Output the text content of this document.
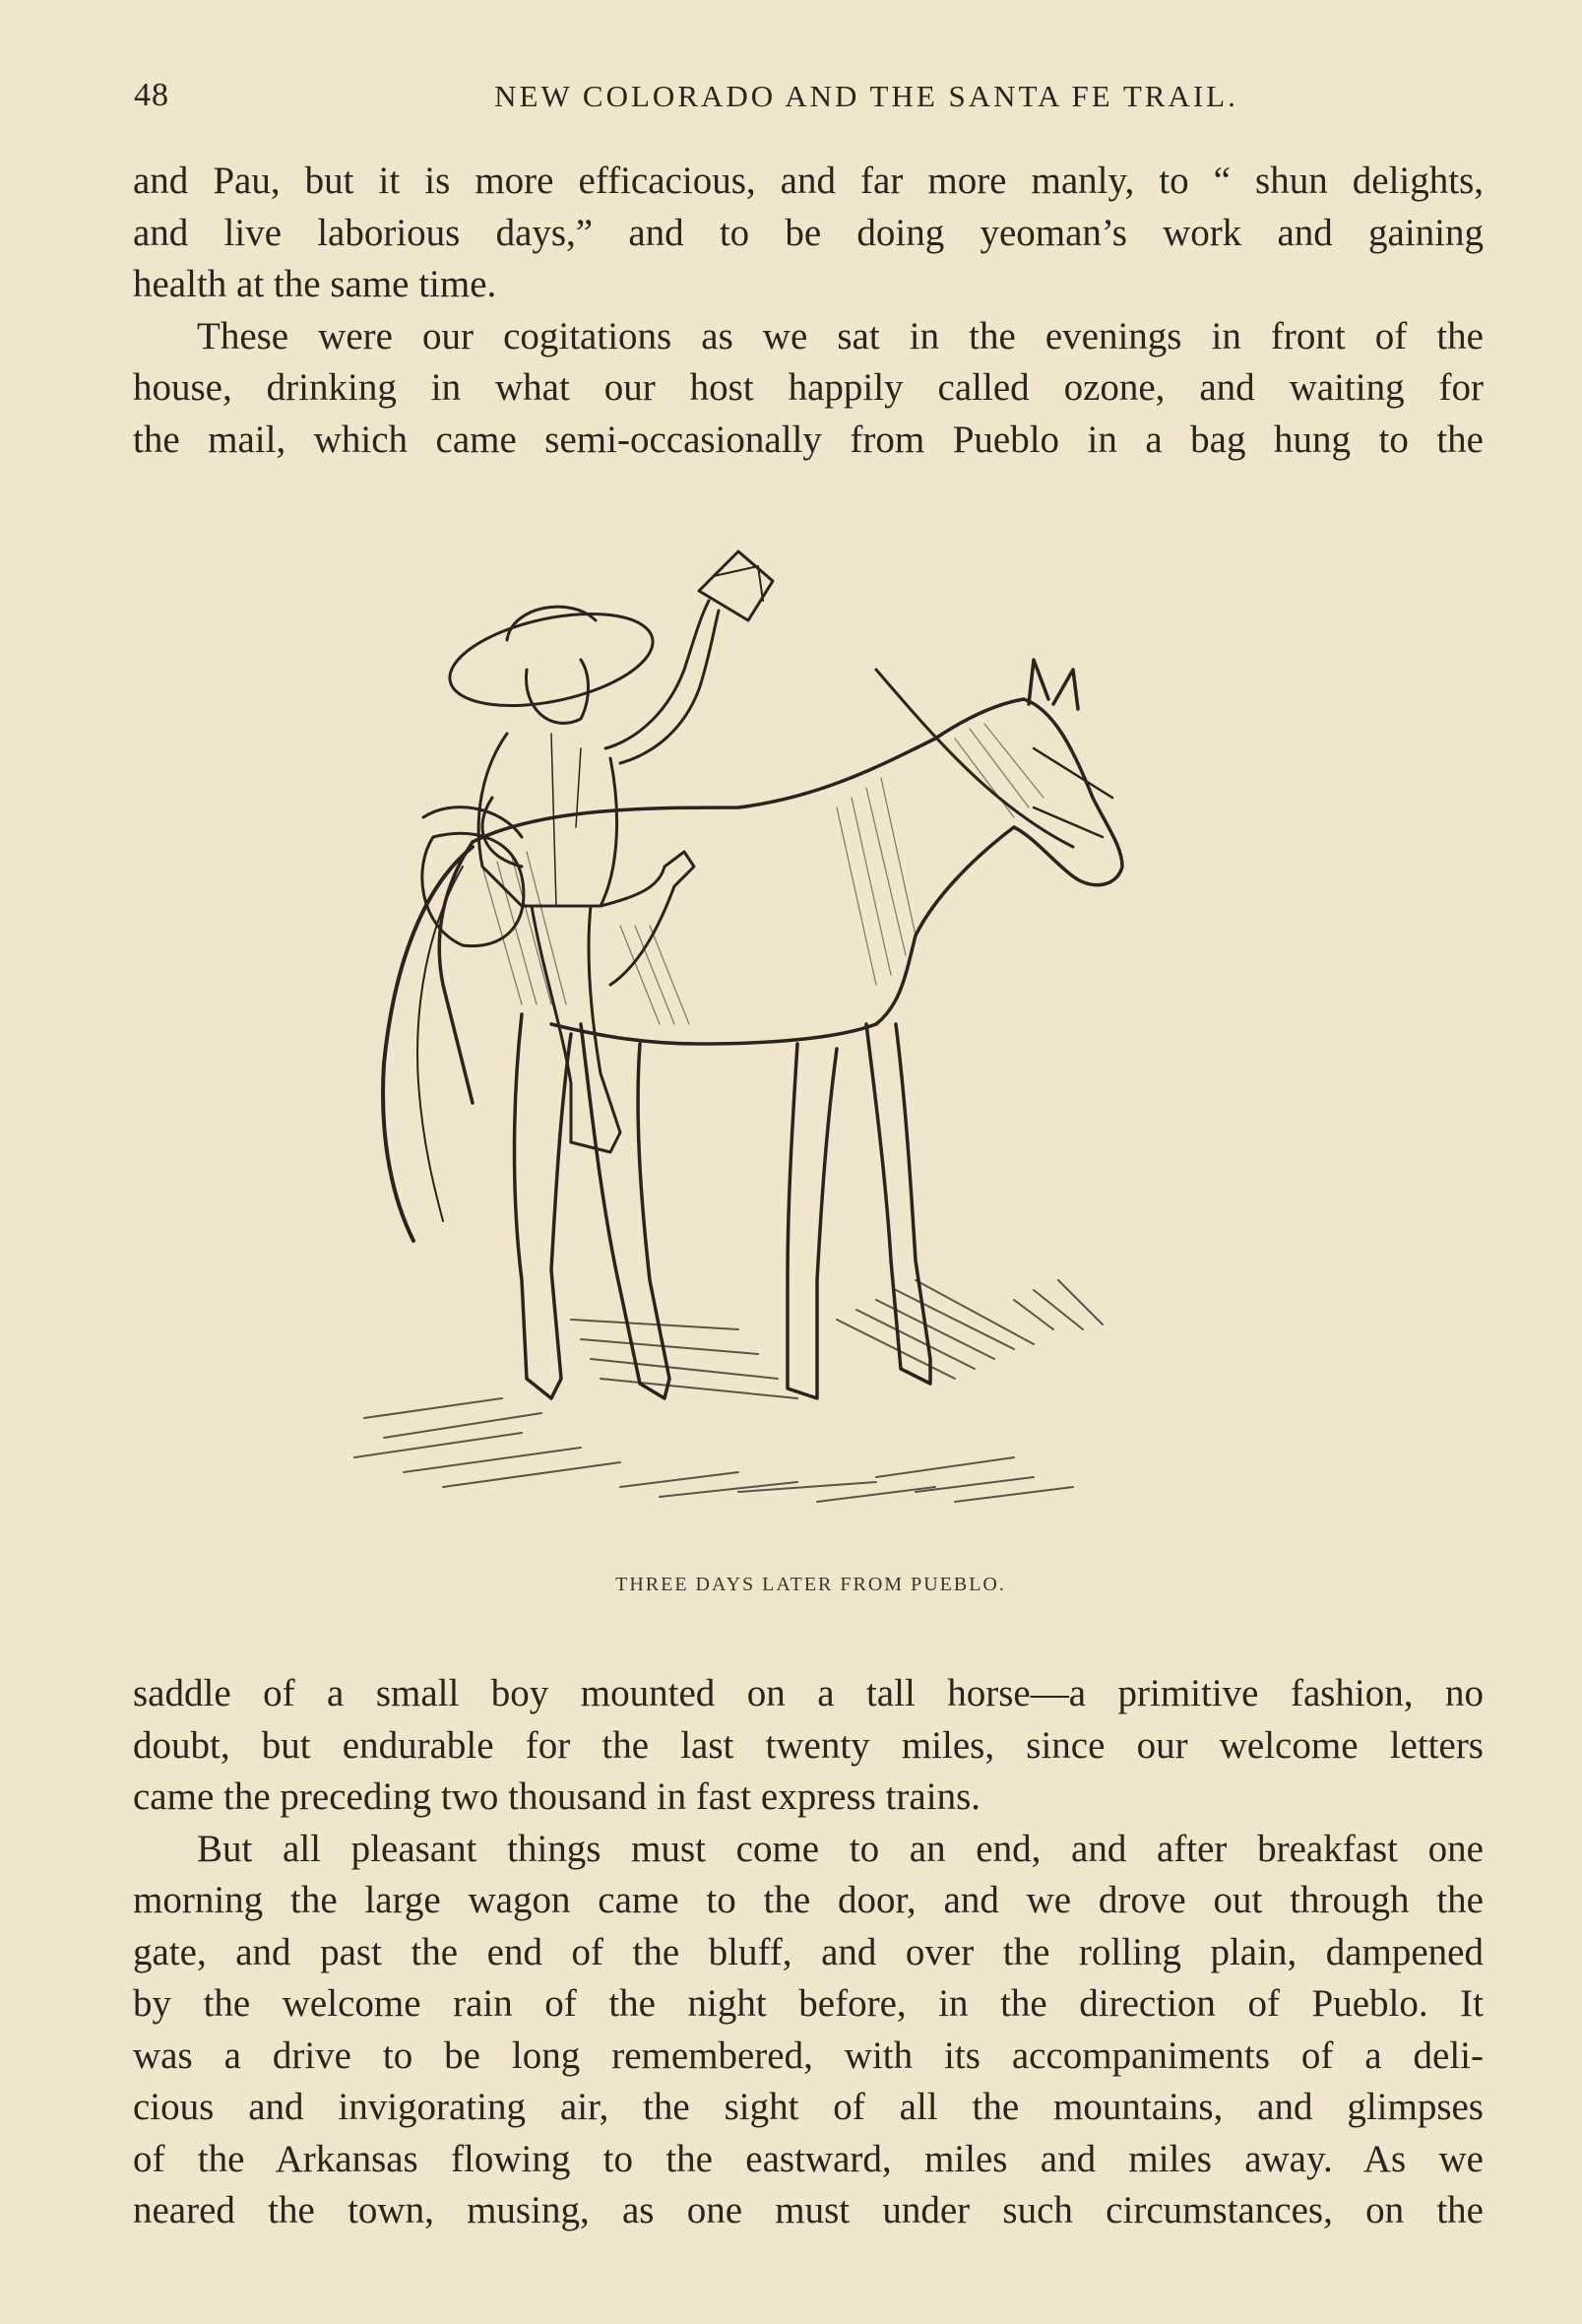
48	NEW COLORADO AND THE SANTA FE TRAIL.
and Pau, but it is more efficacious, and far more manly, to “ shun delights,
and live laborious days,” and to be doing yeoman’s work and gaining
health at the same time.
These were our cogitations as we sat in the evenings in front of the
house, drinking in what our host happily called ozone, and waiting for
the mail, which came semi-occasionally from Pueblo in a bag hung to the
THREE DAYS LATER FROM PUEBLO.
saddle of a small boy mounted on a tall horse—a primitive fashion, no
doubt, but endurable for the last twenty miles, since our welcome letters
came the preceding two thousand in fast express trains.
But all pleasant things must come to an end, and after breakfast one
morning the large wagon came to the door, and we drove out through the
gate, and past the end of the bluff, and over the rolling plain, dampened
by the welcome rain of the night before, in the direction of Pueblo. It
was a drive to be long remembered, with its accompaniments of a deli-
cious and invigorating air, the sight of all the mountains, and glimpses
of the Arkansas flowing to the eastward, miles and miles away. As we
neared the town, musing, as one must under such circumstances, on the
